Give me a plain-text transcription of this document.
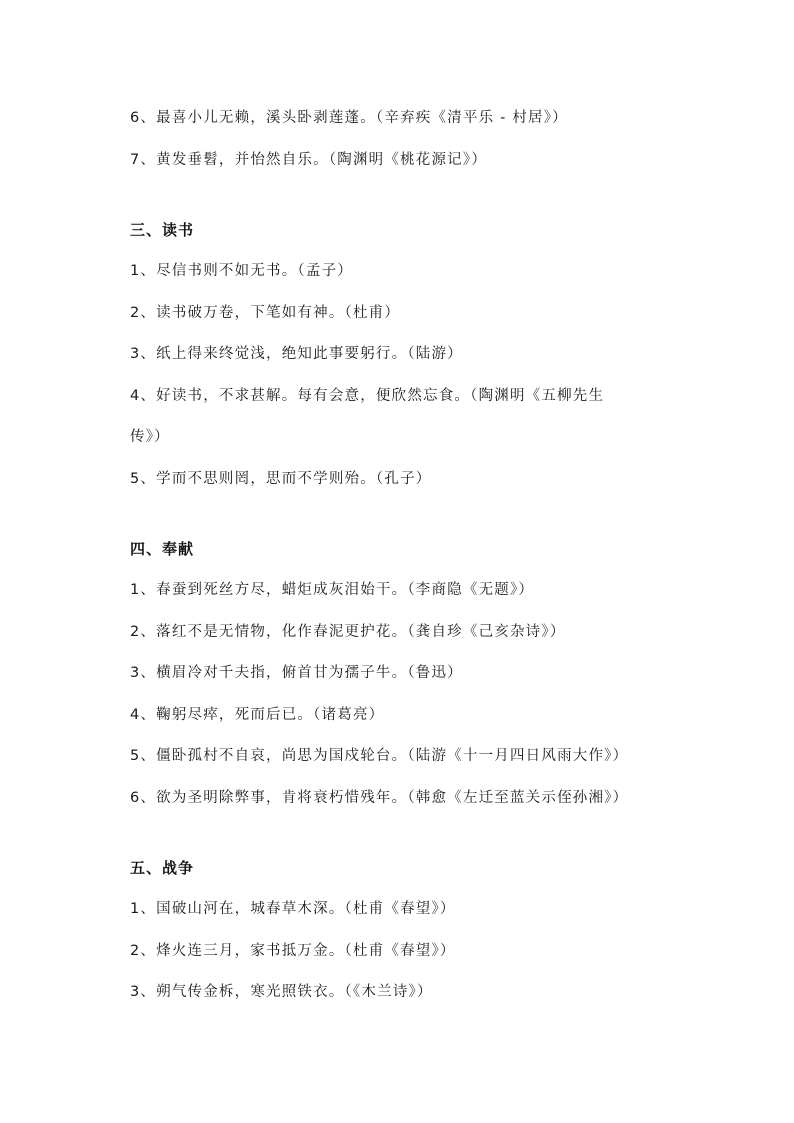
6、最喜小儿无赖，溪头卧剥莲蓬。（辛弃疾《清平乐 - 村居》）
7、黄发垂髫，并怡然自乐。（陶渊明《桃花源记》）
三、读书
1、尽信书则不如无书。（孟子）
2、读书破万卷，下笔如有神。（杜甫）
3、纸上得来终觉浅，绝知此事要躬行。（陆游）
4、好读书，不求甚解。每有会意，便欣然忘食。（陶渊明《五柳先生
传》）
5、学而不思则罔，思而不学则殆。（孔子）
四、奉献
1、春蚕到死丝方尽，蜡炬成灰泪始干。（李商隐《无题》）
2、落红不是无情物，化作春泥更护花。（龚自珍《己亥杂诗》）
3、横眉冷对千夫指，俯首甘为孺子牛。（鲁迅）
4、鞠躬尽瘁，死而后已。（诸葛亮）
5、僵卧孤村不自哀，尚思为国戍轮台。（陆游《十一月四日风雨大作》）
6、欲为圣明除弊事，肯将衰朽惜残年。（韩愈《左迁至蓝关示侄孙湘》）
五、战争
1、国破山河在，城春草木深。（杜甫《春望》）
2、烽火连三月，家书抵万金。（杜甫《春望》）
3、朔气传金柝，寒光照铁衣。（《木兰诗》）
